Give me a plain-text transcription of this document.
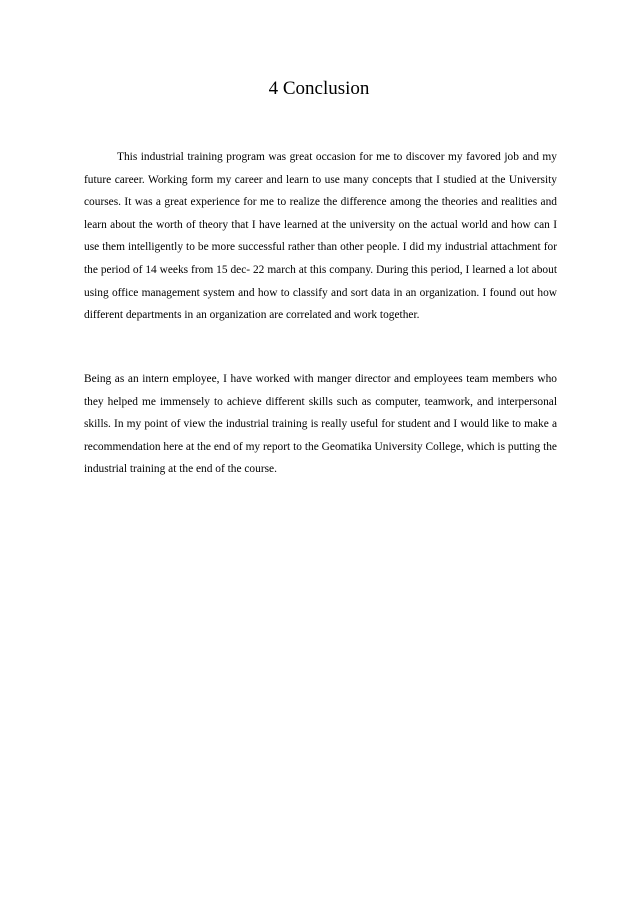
4 Conclusion

This industrial training program was great occasion for me to discover my favored job and my future career. Working form my career and learn to use many concepts that I studied at the University courses. It was a great experience for me to realize the difference among the theories and realities and learn about the worth of theory that I have learned at the university on the actual world and how can I use them intelligently to be more successful rather than other people. I did my industrial attachment for the period of 14 weeks from 15 dec- 22 march at this company. During this period, I learned a lot about using office management system and how to classify and sort data in an organization. I found out how different departments in an organization are correlated and work together.

Being as an intern employee, I have worked with manger director and employees team members who they helped me immensely to achieve different skills such as computer, teamwork, and interpersonal skills. In my point of view the industrial training is really useful for student and I would like to make a recommendation here at the end of my report to the Geomatika University College, which is putting the industrial training at the end of the course.
